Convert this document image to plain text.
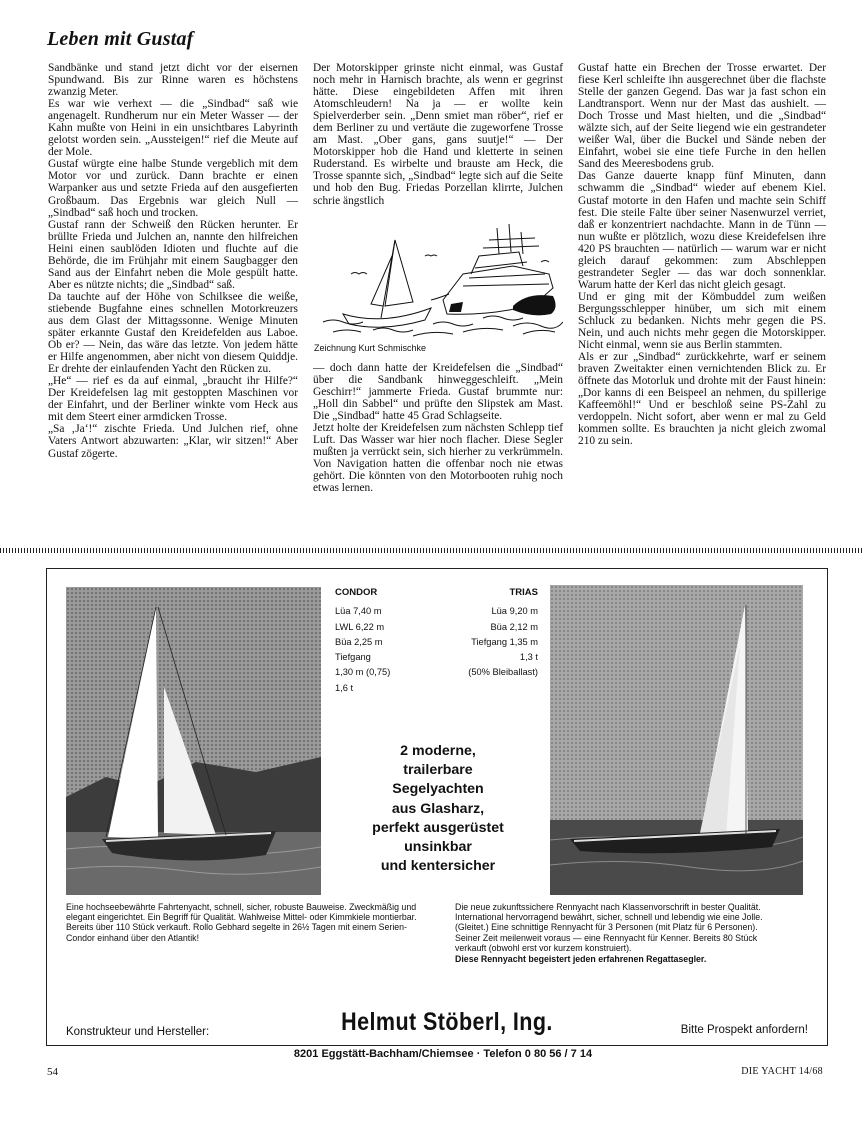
Leben mit Gustaf

Sandbänke und stand jetzt dicht vor der eisernen Spundwand. Bis zur Rinne waren es höchstens zwanzig Meter.

Es war wie verhext — die „Sindbad“ saß wie angenagelt. Rundherum nur ein Meter Wasser — der Kahn mußte von Heini in ein unsichtbares Labyrinth gelotst worden sein. „Aussteigen!“ rief die Meute auf der Mole.

Gustaf würgte eine halbe Stunde vergeblich mit dem Motor vor und zurück. Dann brachte er einen Warpanker aus und setzte Frieda auf den ausgefierten Großbaum. Das Ergebnis war gleich Null — „Sindbad“ saß hoch und trocken.

Gustaf rann der Schweiß den Rücken herunter. Er brüllte Frieda und Julchen an, nannte den hilfreichen Heini einen saublöden Idioten und fluchte auf die Behörde, die im Frühjahr mit einem Saugbagger den Sand aus der Einfahrt neben die Mole gespült hatte. Aber es nützte nichts; die „Sindbad“ saß.

Da tauchte auf der Höhe von Schilksee die weiße, stiebende Bugfahne eines schnellen Motorkreuzers aus dem Glast der Mittagssonne. Wenige Minuten später erkannte Gustaf den Kreidefelden aus Laboe. Ob er? — Nein, das wäre das letzte. Von jedem hätte er Hilfe angenommen, aber nicht von diesem Quiddje. Er drehte der einlaufenden Yacht den Rücken zu.

„He“ — rief es da auf einmal, „braucht ihr Hilfe?“ Der Kreidefelsen lag mit gestoppten Maschinen vor der Einfahrt, und der Berliner winkte vom Heck aus mit dem Steert einer armdicken Trosse.

„Sa ‚Ja‘!“ zischte Frieda. Und Julchen rief, ohne Vaters Antwort abzuwarten: „Klar, wir sitzen!“ Aber Gustaf zögerte.

Der Motorskipper grinste nicht einmal, was Gustaf noch mehr in Harnisch brachte, als wenn er gegrinst hätte. Diese eingebildeten Affen mit ihren Atomschleudern! Na ja — er wollte kein Spielverderber sein. „Denn smiet man röber“, rief er dem Berliner zu und vertäute die zugeworfene Trosse am Mast. „Ober gans, gans suutje!“ — Der Motorskipper hob die Hand und kletterte in seinen Ruderstand. Es wirbelte und brauste am Heck, die Trosse spannte sich, „Sindbad“ legte sich auf die Seite und hob den Bug. Friedas Porzellan klirrte, Julchen schrie ängstlich

Zeichnung Kurt Schmischke

— doch dann hatte der Kreidefelsen die „Sindbad“ über die Sandbank hinweggeschleift. „Mein Geschirr!“ jammerte Frieda. Gustaf brummte nur: „Holl din Sabbel“ und prüfte den Slipstek am Mast. Die „Sindbad“ hatte 45 Grad Schlagseite.

Jetzt holte der Kreidefelsen zum nächsten Schlepp tief Luft. Das Wasser war hier noch flacher. Diese Segler mußten ja verrückt sein, sich hierher zu verkrümmeln. Von Navigation hatten die offenbar noch nie etwas gehört. Die könnten von den Motorbooten ruhig noch etwas lernen.

Gustaf hatte ein Brechen der Trosse erwartet. Der fiese Kerl schleifte ihn ausgerechnet über die flachste Stelle der ganzen Gegend. Das war ja fast schon ein Landtransport. Wenn nur der Mast das aushielt. — Doch Trosse und Mast hielten, und die „Sindbad“ wälzte sich, auf der Seite liegend wie ein gestrandeter weißer Wal, über die Buckel und Sände neben der Einfahrt, wobei sie eine tiefe Furche in den hellen Sand des Meeresbodens grub.

Das Ganze dauerte knapp fünf Minuten, dann schwamm die „Sindbad“ wieder auf ebenem Kiel. Gustaf motorte in den Hafen und machte sein Schiff fest. Die steile Falte über seiner Nasenwurzel verriet, daß er konzentriert nachdachte. Mann in de Tünn — nun wußte er plötzlich, wozu diese Kreidefelsen ihre 420 PS brauchten — natürlich — warum war er nicht gleich darauf gekommen: zum Abschleppen gestrandeter Segler — das war doch sonnenklar. Warum hatte der Kerl das nicht gleich gesagt.

Und er ging mit der Kömbuddel zum weißen Bergungsschlepper hinüber, um sich mit einem Schluck zu bedanken. Nichts mehr gegen die PS. Nein, und auch nichts mehr gegen die Motorskipper. Nicht einmal, wenn sie aus Berlin stammten.

Als er zur „Sindbad“ zurückkehrte, warf er seinem braven Zweitakter einen vernichtenden Blick zu. Er öffnete das Motorluk und drohte mit der Faust hinein: „Dor kanns di een Beispeel an nehmen, du spillerige Kaffeemöhl!“ Und er beschloß seine PS-Zahl zu verdoppeln. Nicht sofort, aber wenn er mal zu Geld kommen sollte. Es brauchten ja nicht gleich zwomal 210 zu sein.

CONDOR
Lüa 7,40 m
LWL 6,22 m
Büa 2,25 m
Tiefgang
1,30 m (0,75)
1,6 t
TRIAS
Lüa 9,20 m
Büa 2,12 m
Tiefgang 1,35 m
1,3 t
(50% Bleiballast)
2 moderne,
trailerbare
Segelyachten
aus Glasharz,
perfekt ausgerüstet
unsinkbar
und kentersicher
Eine hochseebewährte Fahrtenyacht, schnell, sicher, robuste Bauweise. Zweckmäßig und elegant eingerichtet. Ein Begriff für Qualität. Wahlweise Mittel- oder Kimmkiele montierbar. Bereits über 110 Stück verkauft. Rollo Gebhard segelte in 26½ Tagen mit einem Serien-Condor einhand über den Atlantik!
Die neue zukunftssichere Rennyacht nach Klassenvorschrift in bester Qualität. International hervorragend bewährt, sicher, schnell und lebendig wie eine Jolle. (Gleitet.) Eine schnittige Rennyacht für 3 Personen (mit Platz für 6 Personen). Seiner Zeit meilenweit voraus — eine Rennyacht für Kenner. Bereits 80 Stück verkauft (obwohl erst vor kurzem konstruiert).
Diese Rennyacht begeistert jeden erfahrenen Regattasegler.
Konstrukteur und Hersteller:	Helmut Stöberl, Ing.
8201 Eggstätt-Bachham/Chiemsee · Telefon 0 80 56 / 7 14
Bitte Prospekt anfordern!
54	DIE YACHT 14/68
